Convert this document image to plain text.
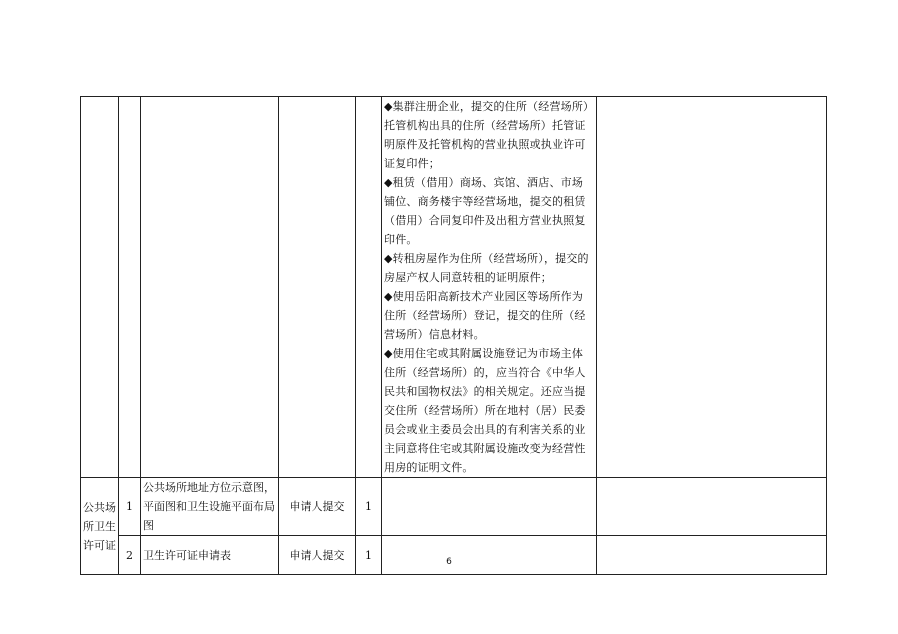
					◆集群注册企业，提交的住所（经营场所）托管机构出具的住所（经营场所）托管证明原件及托管机构的营业执照或执业许可证复印件；
◆租赁（借用）商场、宾馆、酒店、市场铺位、商务楼宇等经营场地，提交的租赁（借用）合同复印件及出租方营业执照复印件。
◆转租房屋作为住所（经营场所），提交的房屋产权人同意转租的证明原件；
◆使用岳阳高新技术产业园区等场所作为住所（经营场所）登记，提交的住所（经营场所）信息材料。
◆使用住宅或其附属设施登记为市场主体住所（经营场所）的，应当符合《中华人民共和国物权法》的相关规定。还应当提交住所（经营场所）所在地村（居）民委员会或业主委员会出具的有利害关系的业主同意将住宅或其附属设施改变为经营性用房的证明文件。	

公共场所卫生许可证	1	公共场所地址方位示意图，平面图和卫生设施平面布局图	申请人提交	1		
	2	卫生许可证申请表	申请人提交	1		
6
